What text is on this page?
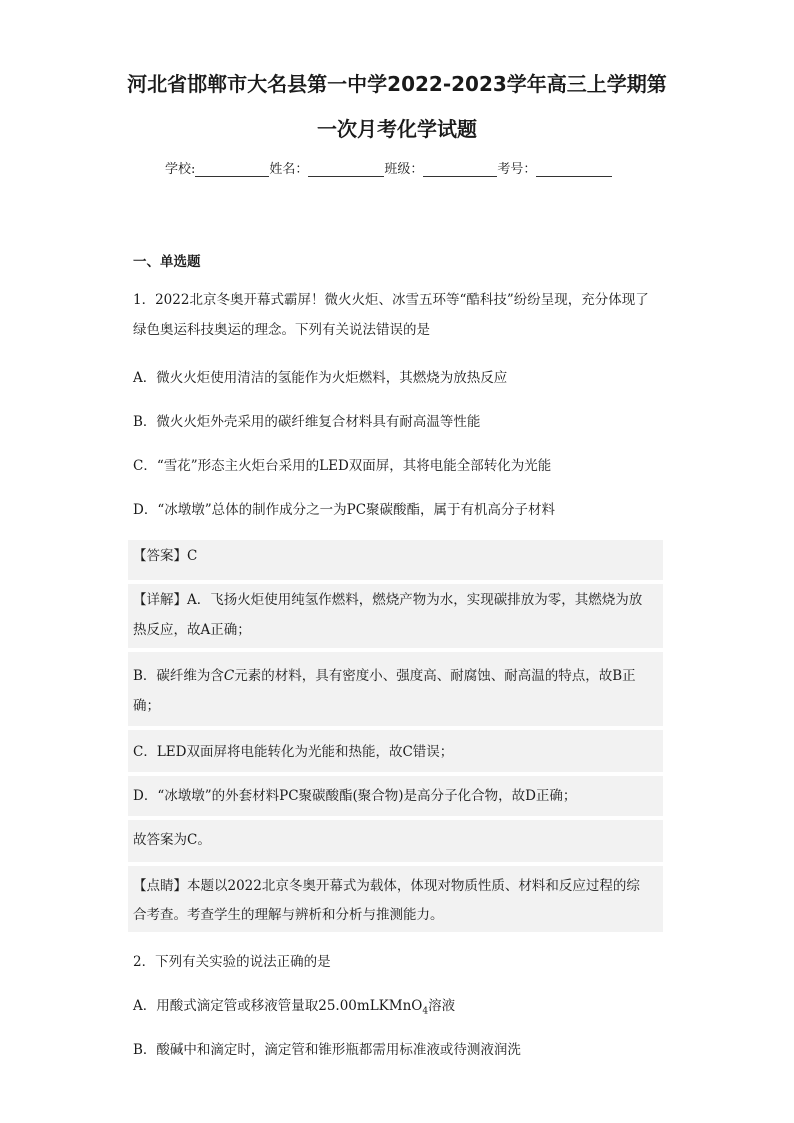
河北省邯郸市大名县第一中学2022-2023学年高三上学期第
一次月考化学试题
学校:	姓名：	班级：	考号：
一、单选题
1．2022北京冬奥开幕式霸屏！微火火炬、冰雪五环等“酷科技”纷纷呈现，充分体现了
绿色奥运科技奥运的理念。下列有关说法错误的是
A．微火火炬使用清洁的氢能作为火炬燃料，其燃烧为放热反应
B．微火火炬外壳采用的碳纤维复合材料具有耐高温等性能
C．“雪花”形态主火炬台采用的LED双面屏，其将电能全部转化为光能
D．“冰墩墩”总体的制作成分之一为PC聚碳酸酯，属于有机高分子材料
【答案】C
【详解】A．飞扬火炬使用纯氢作燃料，燃烧产物为水，实现碳排放为零，其燃烧为放
热反应，故A正确；
B．碳纤维为含C元素的材料，具有密度小、强度高、耐腐蚀、耐高温的特点，故B正
确；
C．LED双面屏将电能转化为光能和热能，故C错误；
D．“冰墩墩”的外套材料PC聚碳酸酯(聚合物)是高分子化合物，故D正确；
故答案为C。
【点睛】本题以2022北京冬奥开幕式为载体，体现对物质性质、材料和反应过程的综
合考查。考查学生的理解与辨析和分析与推测能力。
2．下列有关实验的说法正确的是
A．用酸式滴定管或移液管量取25.00mLKMnO$_4$溶液
B．酸碱中和滴定时，滴定管和锥形瓶都需用标准液或待测液润洗
